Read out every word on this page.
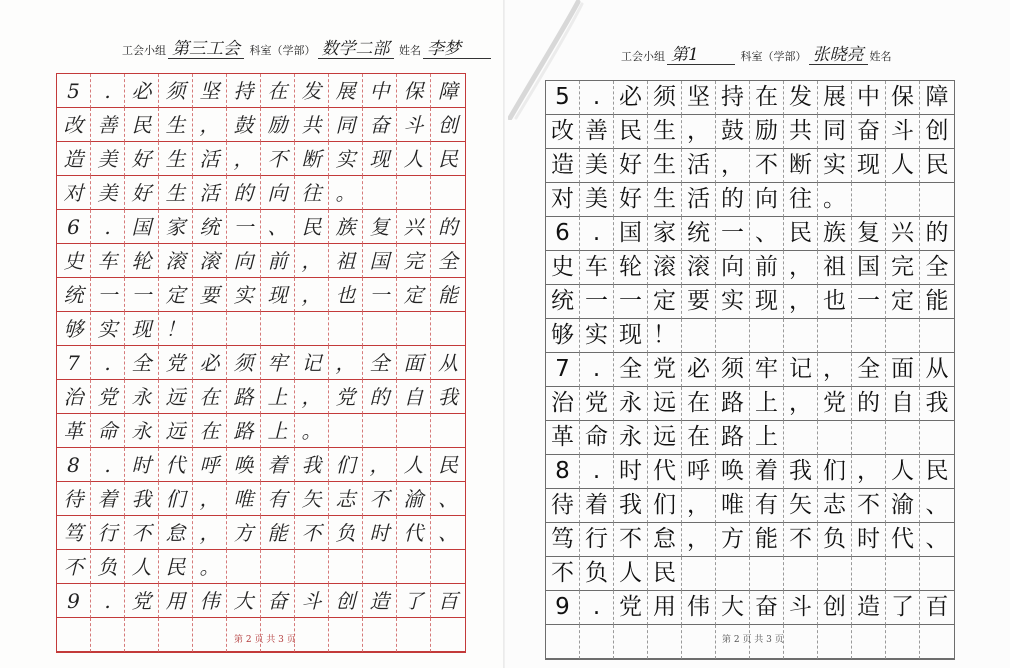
工会小组 第三工会 科室（学部） 数学二部 姓名 李梦
5	.	必 须 坚 持 在 发 展 中 保 障
改 善 民 生 ， 鼓 励 共 同 奋 斗 创
造 美 好 生 活 ， 不 断 实 现 人 民
对 美 好 生 活 的 向 往 。
6	.	国 家 统 一 、 民 族 复 兴 的
史 车 轮 滚 滚 向 前 ， 祖 国 完 全
统 一 一 定 要 实 现 ， 也 一 定 能
够 实 现 ！
7	.	全 党 必 须 牢 记 ， 全 面 从
治 党 永 远 在 路 上 ， 党 的 自 我
革 命 永 远 在 路 上 。
8	.	时 代 呼 唤 着 我 们 ， 人 民
待 着 我 们 ， 唯 有 矢 志 不 渝 、
笃 行 不 怠 ， 方 能 不 负 时 代 、
不 负 人 民 。
9	.	党 用 伟 大 奋 斗 创 造 了 百
第 2 页 共 3 页
工会小组 第1	科室（学部） 张晓亮 姓名
5	. 必 须 坚 持 在 发 展 中 保 障
改 善 民 生 ， 鼓 励 共 同 奋 斗 创
造 美 好 生 活 ， 不 断 实 现 人 民
对 美 好 生 活 的 向 往 。
6	. 国 家 统 一 、 民 族 复 兴 的
史 车 轮 滚 滚 向 前 ， 祖 国 完 全
统 一 一 定 要 实 现 ， 也 一 定 能
够 实 现 ！
7	. 全 党 必 须 牢 记 ， 全 面 从
治 党 永 远 在 路 上 ， 党 的 自 我
革 命 永 远 在 路 上
8	. 时 代 呼 唤 着 我 们 ， 人 民
待 着 我 们 ， 唯 有 矢 志 不 渝 、
笃 行 不 怠 ， 方 能 不 负 时 代 、
不 负 人 民
9	. 党 用 伟 大 奋 斗 创 造 了 百
第 2 页 共 3 页
